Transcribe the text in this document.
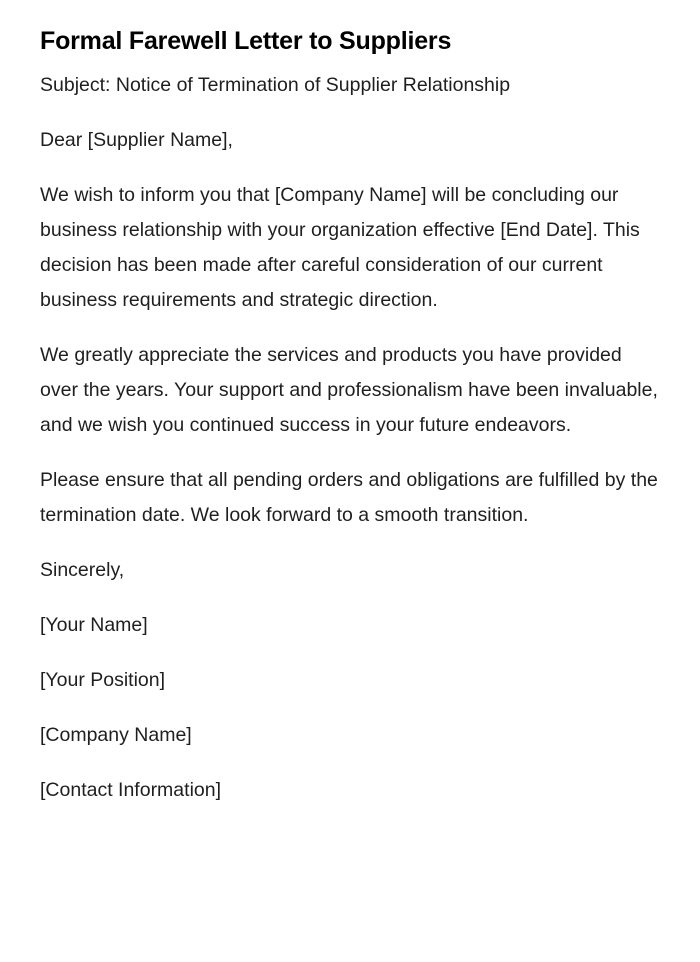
Formal Farewell Letter to Suppliers

Subject: Notice of Termination of Supplier Relationship

Dear [Supplier Name],

We wish to inform you that [Company Name] will be concluding our business relationship with your organization effective [End Date]. This decision has been made after careful consideration of our current business requirements and strategic direction.

We greatly appreciate the services and products you have provided over the years. Your support and professionalism have been invaluable, and we wish you continued success in your future endeavors.

Please ensure that all pending orders and obligations are fulfilled by the termination date. We look forward to a smooth transition.

Sincerely,

[Your Name]

[Your Position]

[Company Name]

[Contact Information]
